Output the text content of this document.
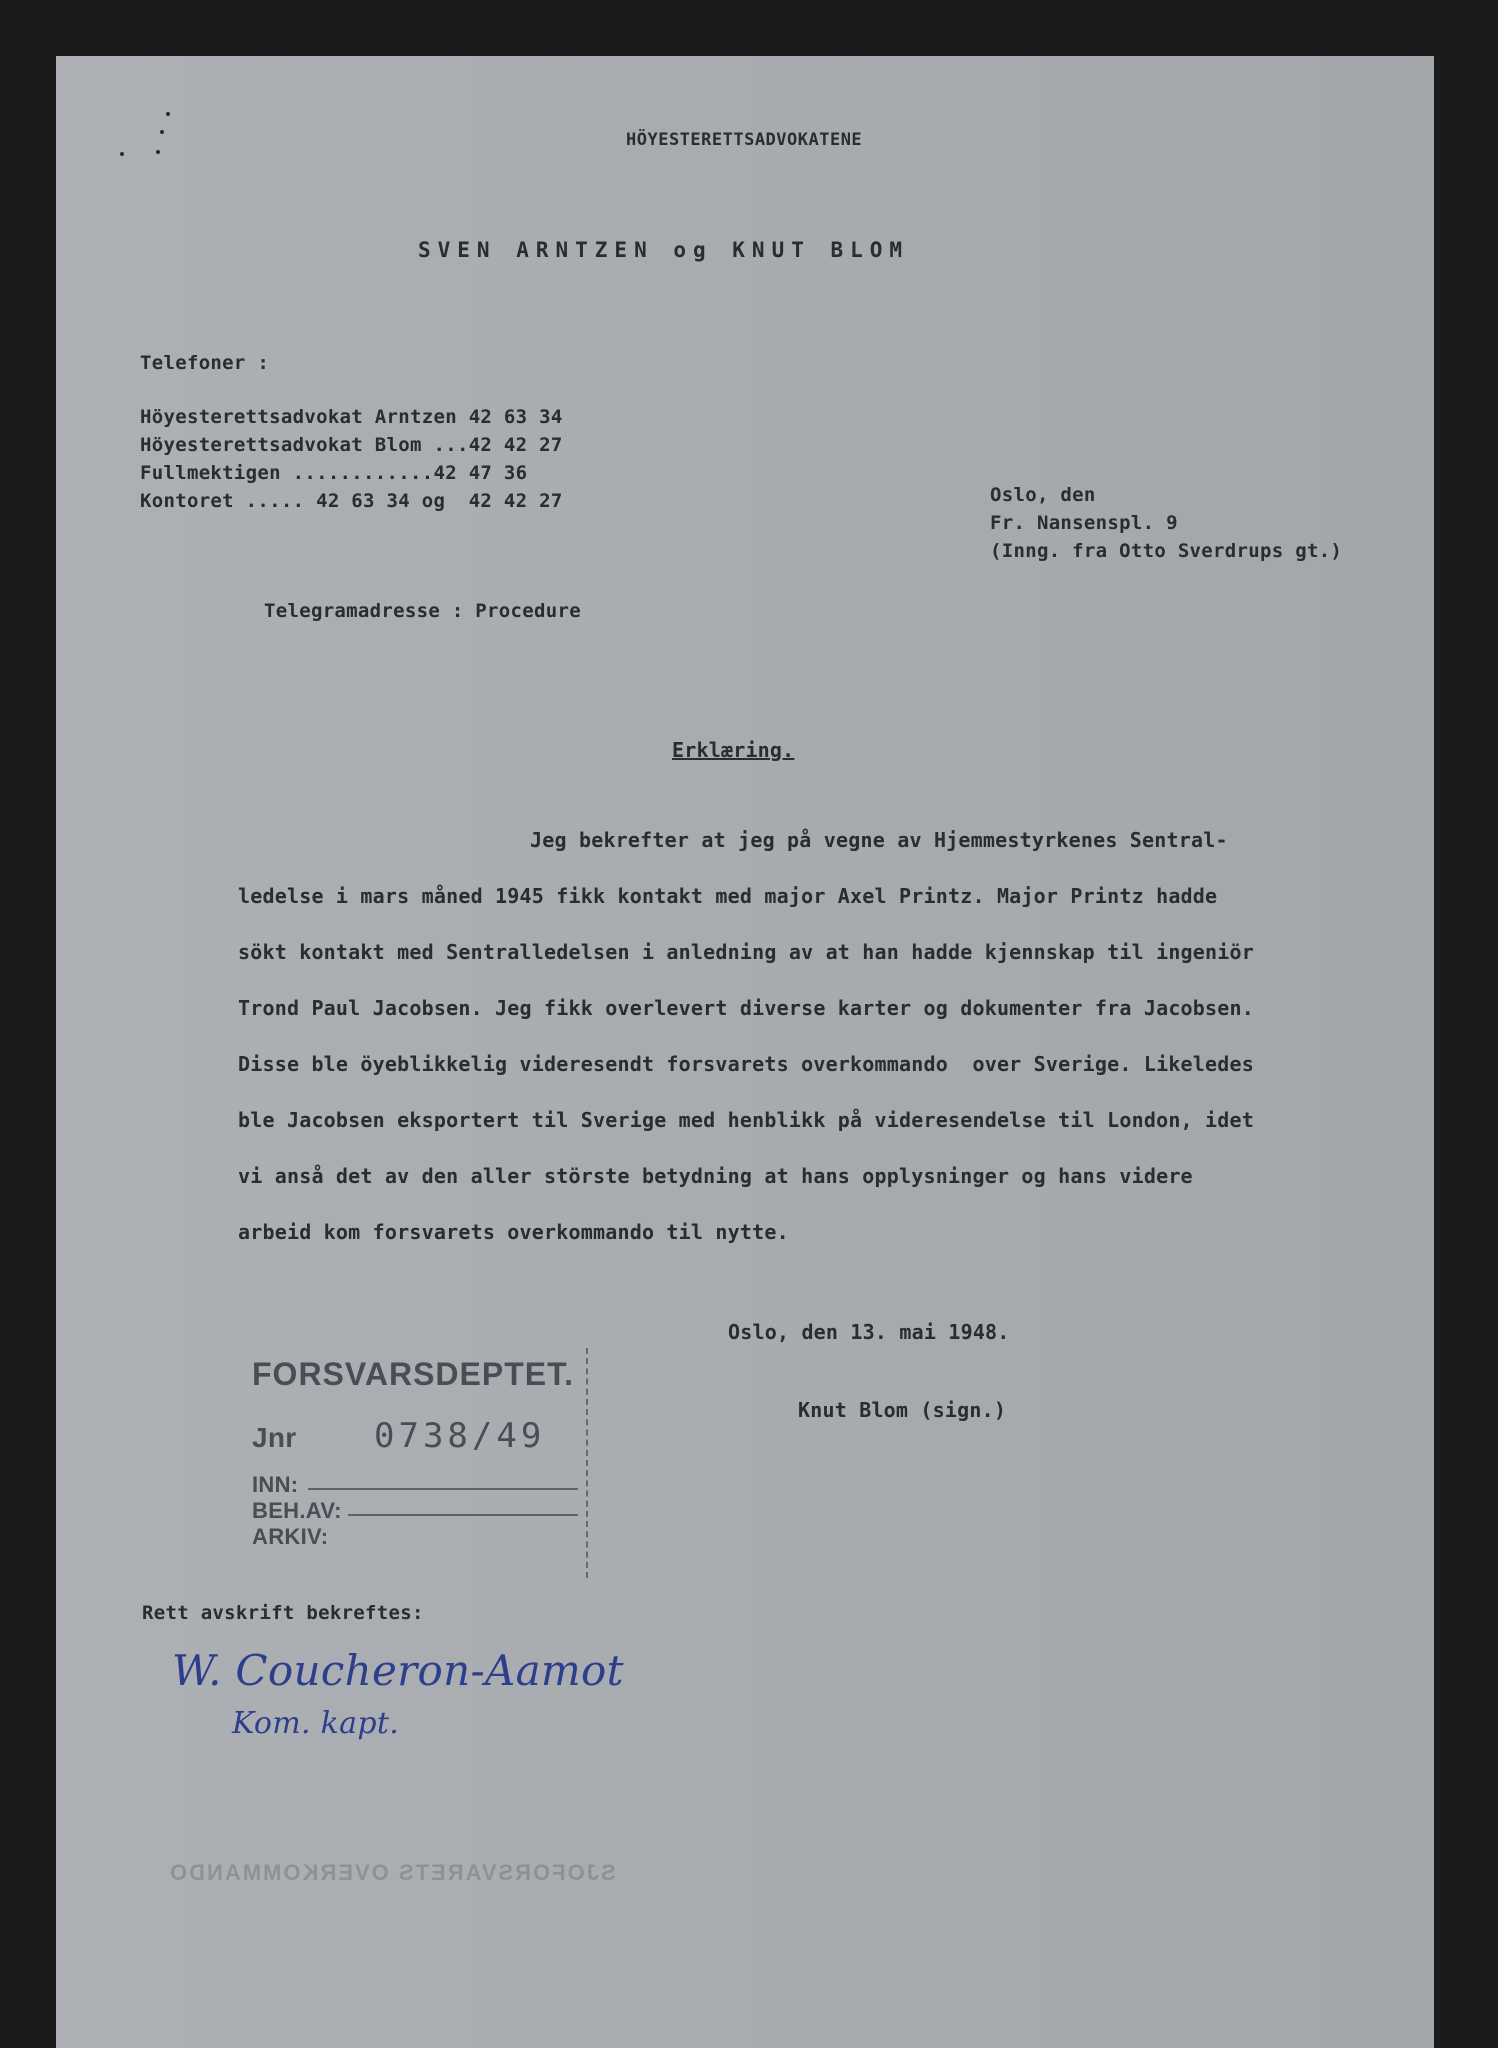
HÖYESTERETTSADVOKATENE
SVEN ARNTZEN og KNUT BLOM
Telefoner :
Höyesterettsadvokat Arntzen 42 63 34
Höyesterettsadvokat Blom ...42 42 27
Fullmektigen ............42 47 36
Kontoret ..... 42 63 34 og  42 42 27	Oslo, den
Fr. Nansenspl. 9
(Inng. fra Otto Sverdrups gt.)
Telegramadresse : Procedure
Erklæring.
Jeg bekrefter at jeg på vegne av Hjemmestyrkenes Sentral-
ledelse i mars måned 1945 fikk kontakt med major Axel Printz. Major Printz hadde
sökt kontakt med Sentralledelsen i anledning av at han hadde kjennskap til ingeniör
Trond Paul Jacobsen. Jeg fikk overlevert diverse karter og dokumenter fra Jacobsen.
Disse ble öyeblikkelig videresendt forsvarets overkommando  over Sverige. Likeledes
ble Jacobsen eksportert til Sverige med henblikk på videresendelse til London, idet
vi anså det av den aller störste betydning at hans opplysninger og hans videre
arbeid kom forsvarets overkommando til nytte.
Oslo, den 13. mai 1948.
Knut Blom (sign.)
FORSVARSDEPTET.
Jnr 0738/49
INN:
BEH.AV:
ARKIV:
Rett avskrift bekreftes:
W. Coucheron-Aamot
Kom. kapt.
SJOFORSVARETS OVERKOMMANDO
